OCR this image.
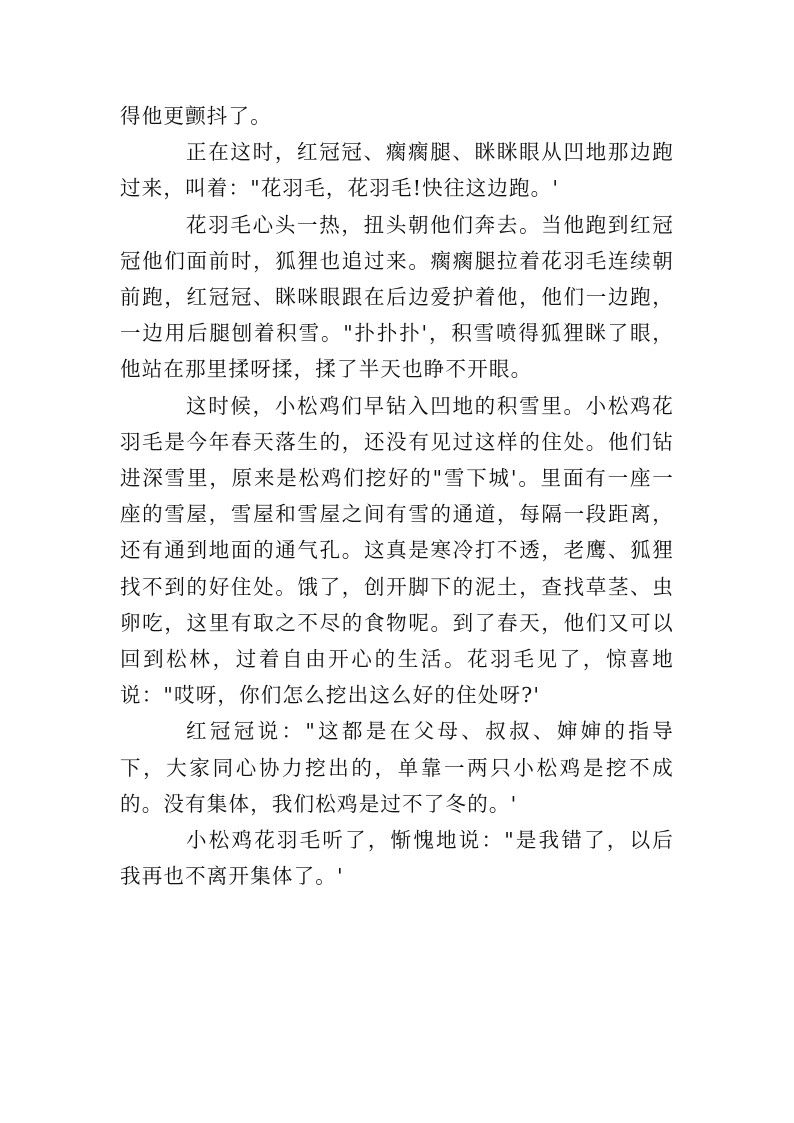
得他更颤抖了。

正在这时，红冠冠、瘸瘸腿、眯眯眼从凹地那边跑过来，叫着："花羽毛，花羽毛!快往这边跑。'

花羽毛心头一热，扭头朝他们奔去。当他跑到红冠冠他们面前时，狐狸也追过来。瘸瘸腿拉着花羽毛连续朝前跑，红冠冠、眯咪眼跟在后边爱护着他，他们一边跑，一边用后腿刨着积雪。"扑扑扑'，积雪喷得狐狸眯了眼，他站在那里揉呀揉，揉了半天也睁不开眼。

这时候，小松鸡们早钻入凹地的积雪里。小松鸡花羽毛是今年春天落生的，还没有见过这样的住处。他们钻进深雪里，原来是松鸡们挖好的"雪下城'。里面有一座一座的雪屋，雪屋和雪屋之间有雪的通道，每隔一段距离，还有通到地面的通气孔。这真是寒冷打不透，老鹰、狐狸找不到的好住处。饿了，创开脚下的泥土，查找草茎、虫卵吃，这里有取之不尽的食物呢。到了春天，他们又可以回到松林，过着自由开心的生活。花羽毛见了，惊喜地说："哎呀，你们怎么挖出这么好的住处呀?'

红冠冠说："这都是在父母、叔叔、婶婶的指导下，大家同心协力挖出的，单靠一两只小松鸡是挖不成的。没有集体，我们松鸡是过不了冬的。'

小松鸡花羽毛听了，惭愧地说："是我错了，以后我再也不离开集体了。'
